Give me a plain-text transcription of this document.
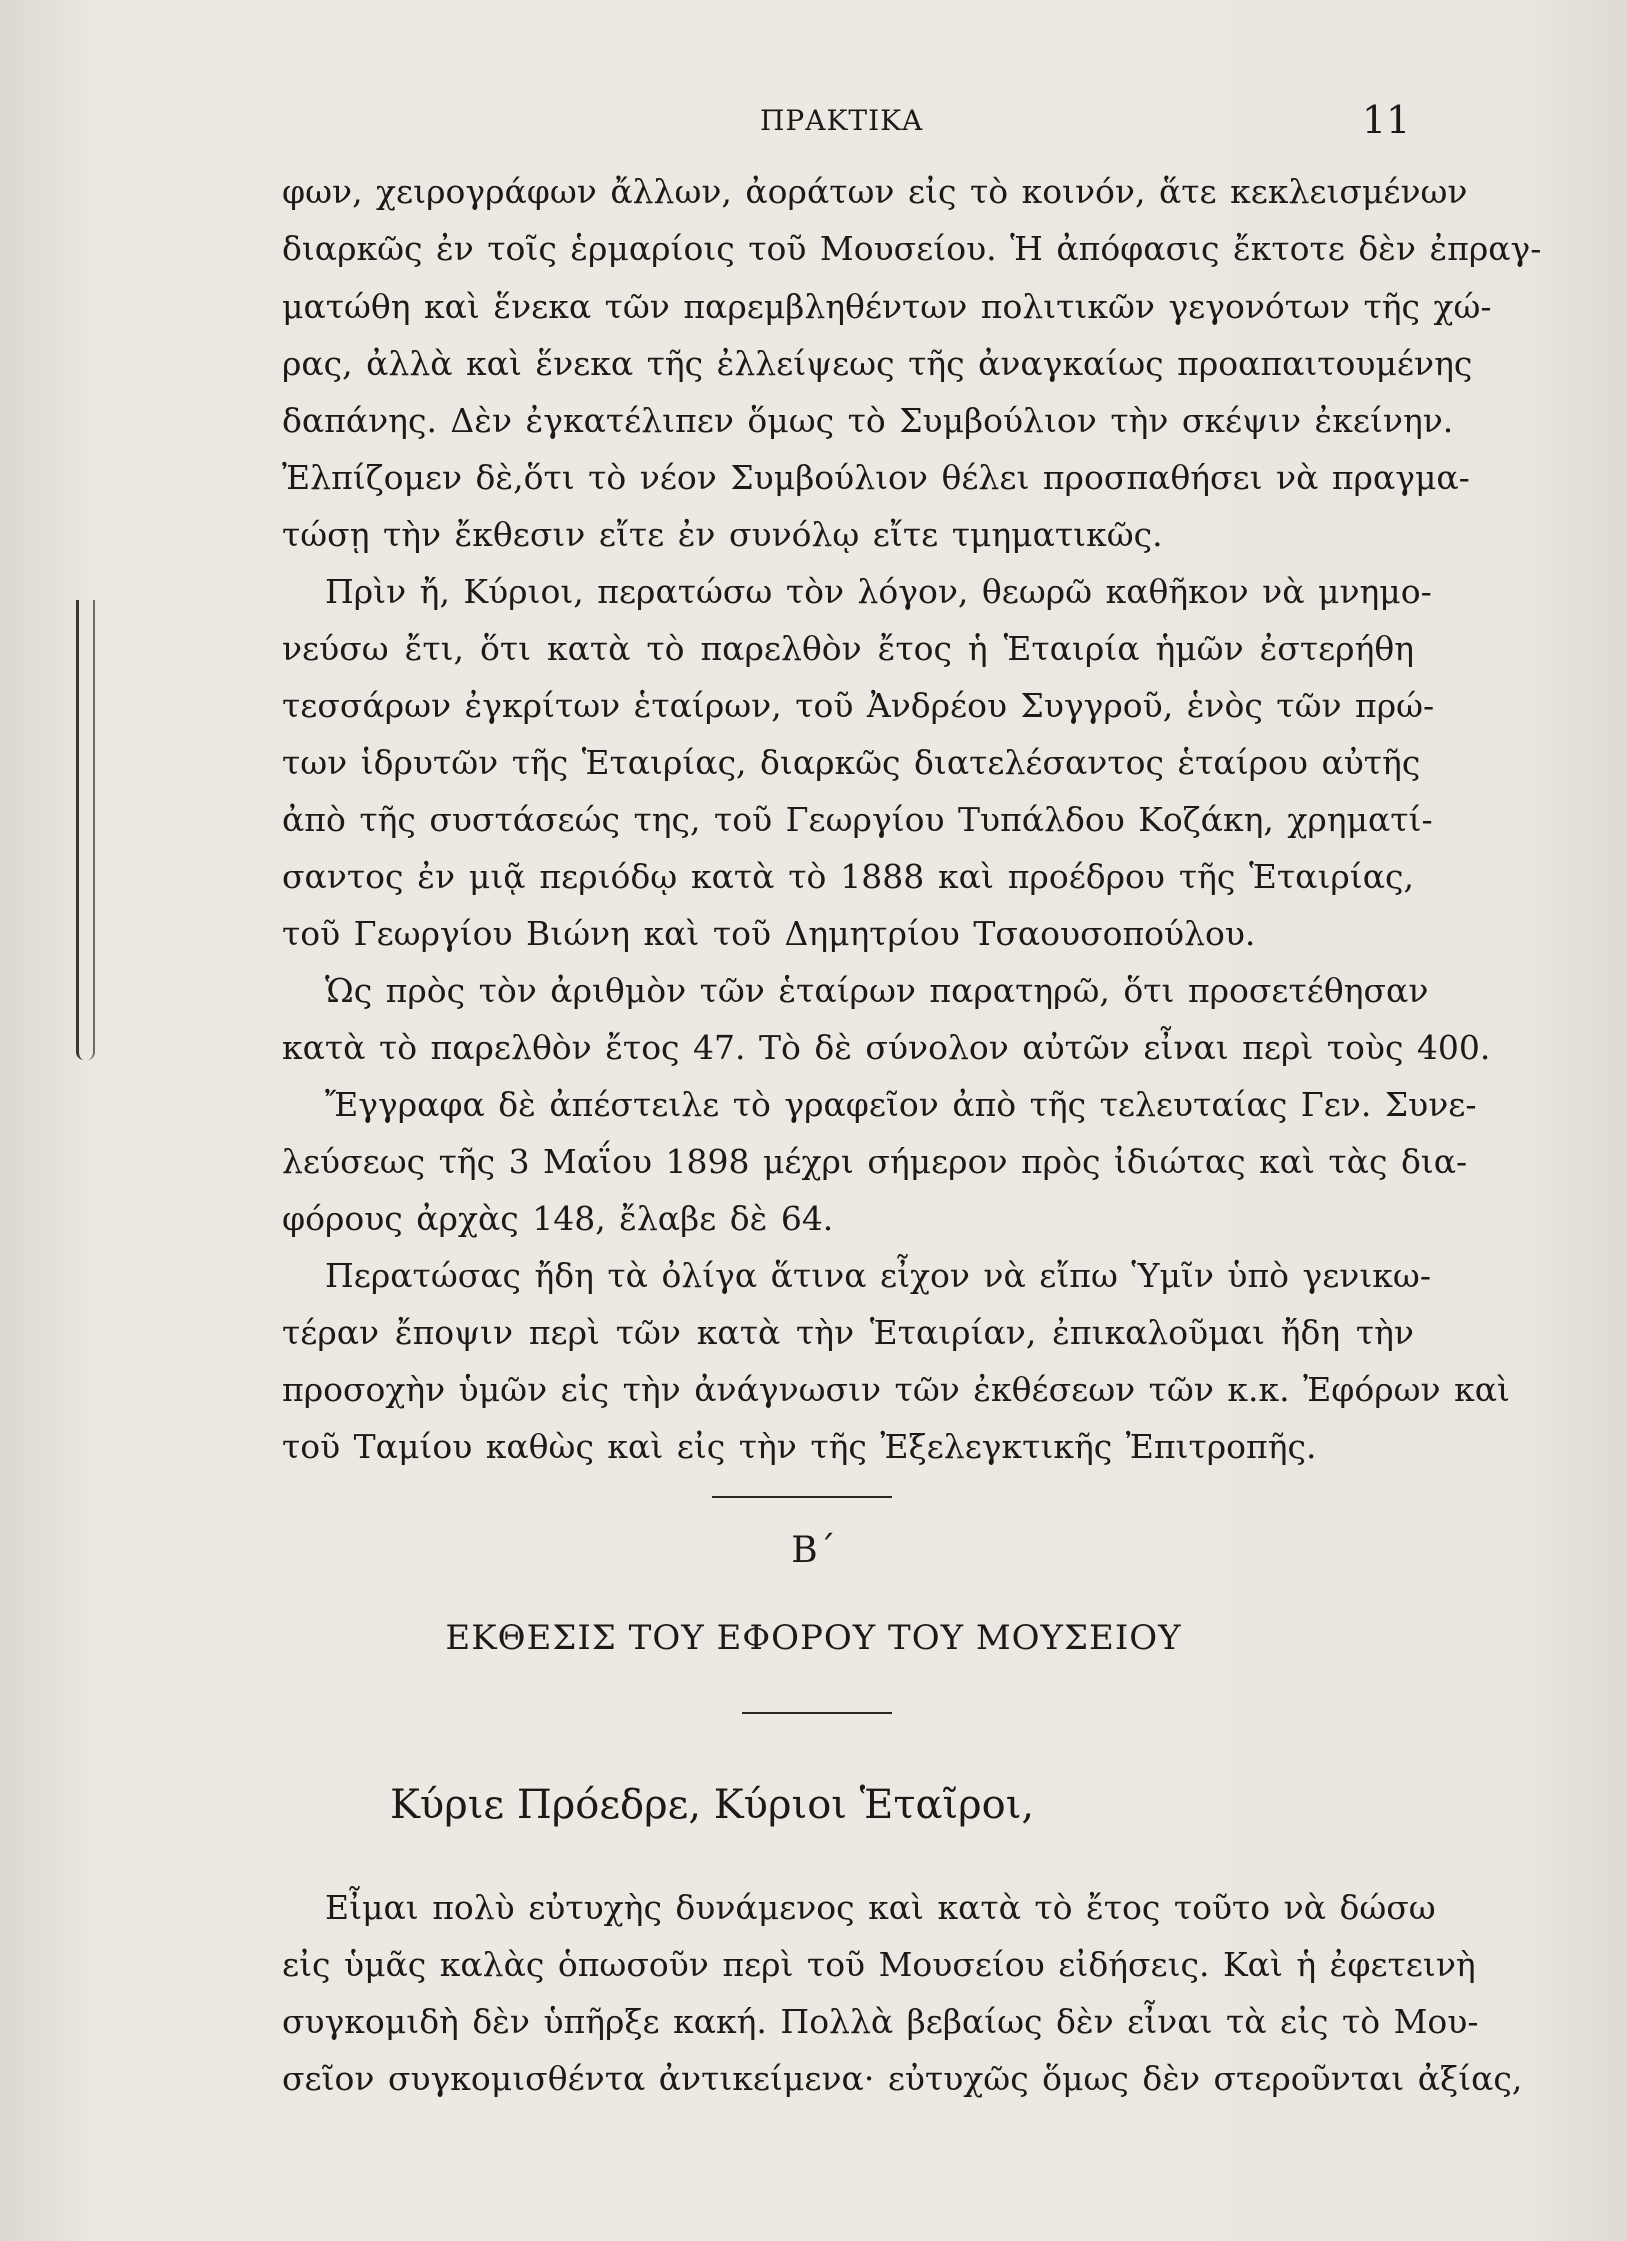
ΠΡΑΚΤΙΚΑ	11
φων, χειρογράφων ἄλλων, ἀοράτων εἰς τὸ κοινόν, ἅτε κεκλεισμένων
διαρκῶς ἐν τοῖς ἑρμαρίοις τοῦ Μουσείου. Ἡ ἀπόφασις ἔκτοτε δὲν ἐπραγ-
ματώθη καὶ ἕνεκα τῶν παρεμβληθέντων πολιτικῶν γεγονότων τῆς χώ-
ρας, ἀλλὰ καὶ ἕνεκα τῆς ἐλλείψεως τῆς ἀναγκαίως προαπαιτουμένης
δαπάνης. Δὲν ἐγκατέλιπεν ὅμως τὸ Συμβούλιον τὴν σκέψιν ἐκείνην.
Ἐλπίζομεν δὲ,ὅτι τὸ νέον Συμβούλιον θέλει προσπαθήσει νὰ πραγμα-
τώσῃ τὴν ἔκθεσιν εἴτε ἐν συνόλῳ εἴτε τμηματικῶς.
Πρὶν ἤ, Κύριοι, περατώσω τὸν λόγον, θεωρῶ καθῆκον νὰ μνημο-
νεύσω ἔτι, ὅτι κατὰ τὸ παρελθὸν ἔτος ἡ Ἑταιρία ἡμῶν ἐστερήθη
τεσσάρων ἐγκρίτων ἑταίρων, τοῦ Ἀνδρέου Συγγροῦ, ἑνὸς τῶν πρώ-
των ἱδρυτῶν τῆς Ἑταιρίας, διαρκῶς διατελέσαντος ἑταίρου αὐτῆς
ἀπὸ τῆς συστάσεώς της, τοῦ Γεωργίου Τυπάλδου Κοζάκη, χρηματί-
σαντος ἐν μιᾷ περιόδῳ κατὰ τὸ 1888 καὶ προέδρου τῆς Ἑταιρίας,
τοῦ Γεωργίου Βιώνη καὶ τοῦ Δημητρίου Τσαουσοπούλου.
Ὡς πρὸς τὸν ἀριθμὸν τῶν ἑταίρων παρατηρῶ, ὅτι προσετέθησαν
κατὰ τὸ παρελθὸν ἔτος 47. Τὸ δὲ σύνολον αὐτῶν εἶναι περὶ τοὺς 400.
Ἔγγραφα δὲ ἀπέστειλε τὸ γραφεῖον ἀπὸ τῆς τελευταίας Γεν. Συνε-
λεύσεως τῆς 3 Μαΐου 1898 μέχρι σήμερον πρὸς ἰδιώτας καὶ τὰς δια-
φόρους ἀρχὰς 148, ἔλαβε δὲ 64.
Περατώσας ἤδη τὰ ὀλίγα ἅτινα εἶχον νὰ εἴπω Ὑμῖν ὑπὸ γενικω-
τέραν ἔποψιν περὶ τῶν κατὰ τὴν Ἑταιρίαν, ἐπικαλοῦμαι ἤδη τὴν
προσοχὴν ὑμῶν εἰς τὴν ἀνάγνωσιν τῶν ἐκθέσεων τῶν κ.κ. Ἐφόρων καὶ
τοῦ Ταμίου καθὼς καὶ εἰς τὴν τῆς Ἐξελεγκτικῆς Ἐπιτροπῆς.
Β΄
ΕΚΘΕΣΙΣ ΤΟΥ ΕΦΟΡΟΥ ΤΟΥ ΜΟΥΣΕΙΟΥ
Κύριε Πρόεδρε, Κύριοι Ἑταῖροι,
Εἶμαι πολὺ εὐτυχὴς δυνάμενος καὶ κατὰ τὸ ἔτος τοῦτο νὰ δώσω
εἰς ὑμᾶς καλὰς ὁπωσοῦν περὶ τοῦ Μουσείου εἰδήσεις. Καὶ ἡ ἐφετεινὴ
συγκομιδὴ δὲν ὑπῆρξε κακή. Πολλὰ βεβαίως δὲν εἶναι τὰ εἰς τὸ Μου-
σεῖον συγκομισθέντα ἀντικείμενα· εὐτυχῶς ὅμως δὲν στεροῦνται ἀξίας,
